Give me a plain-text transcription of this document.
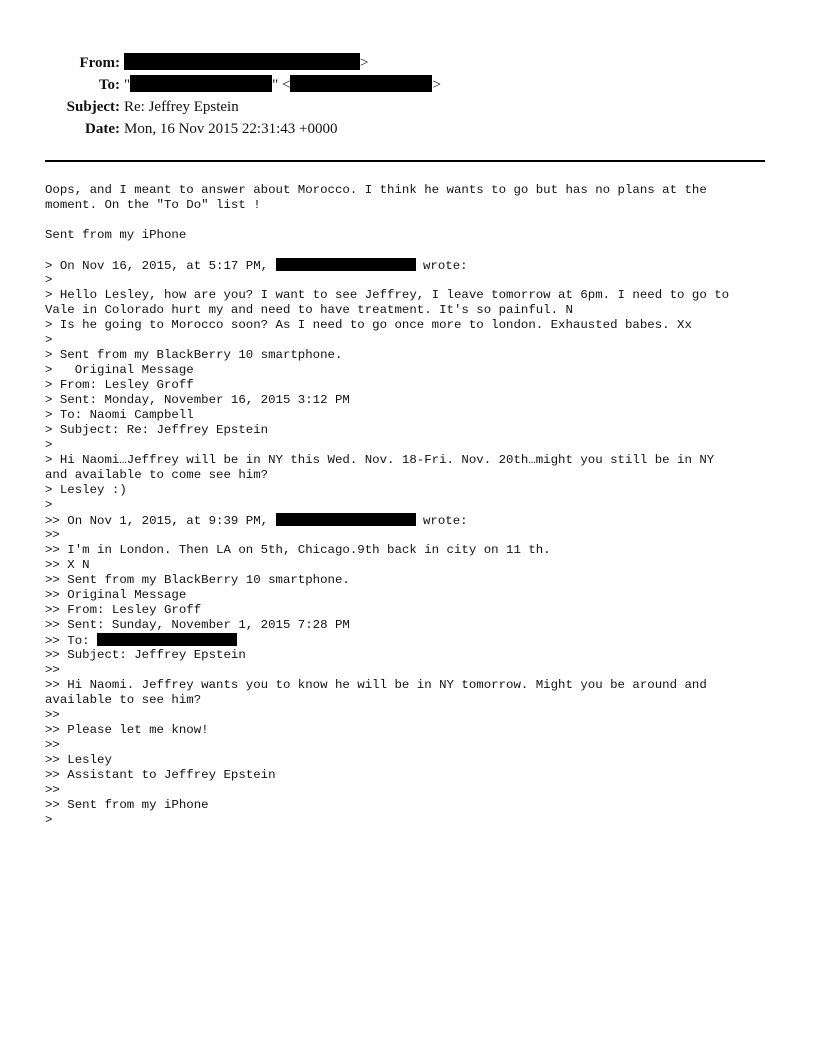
From:	>
To: "	" <	>
Subject: Re: Jeffrey Epstein
Date: Mon, 16 Nov 2015 22:31:43 +0000
Oops, and I meant to answer about Morocco. I think he wants to go but has no plans at the
moment. On the "To Do" list !
Sent from my iPhone
> On Nov 16, 2015, at 5:17 PM,	wrote:
>
> Hello Lesley, how are you? I want to see Jeffrey, I leave tomorrow at 6pm. I need to go to
Vale in Colorado hurt my and need to have treatment. It's so painful. N
> Is he going to Morocco soon? As I need to go once more to london. Exhausted babes. Xx
>
> Sent from my BlackBerry 10 smartphone.
>   Original Message
> From: Lesley Groff
> Sent: Monday, November 16, 2015 3:12 PM
> To: Naomi Campbell
> Subject: Re: Jeffrey Epstein
>
> Hi Naomi…Jeffrey will be in NY this Wed. Nov. 18-Fri. Nov. 20th…might you still be in NY
and available to come see him?
> Lesley :)
>
>> On Nov 1, 2015, at 9:39 PM,	wrote:
>>
>> I'm in London. Then LA on 5th, Chicago.9th back in city on 11 th.
>> X N
>> Sent from my BlackBerry 10 smartphone.
>> Original Message
>> From: Lesley Groff
>> Sent: Sunday, November 1, 2015 7:28 PM
>> To:
>> Subject: Jeffrey Epstein
>>
>> Hi Naomi. Jeffrey wants you to know he will be in NY tomorrow. Might you be around and
available to see him?
>>
>> Please let me know!
>>
>> Lesley
>> Assistant to Jeffrey Epstein
>>
>> Sent from my iPhone
>
